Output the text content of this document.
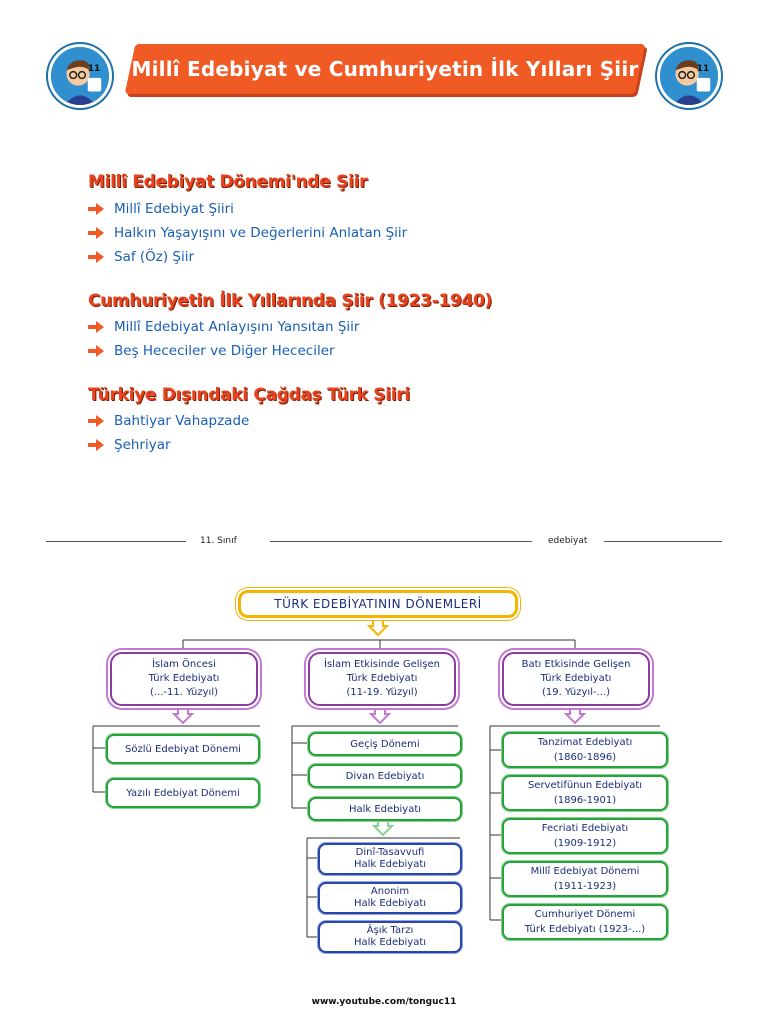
11 Millî Edebiyat ve Cumhuriyetin İlk Yılları Şiir	11
Millî Edebiyat Dönemi'nde Şiir
Millî Edebiyat Şiiri
Halkın Yaşayışını ve Değerlerini Anlatan Şiir
Saf (Öz) Şiir
Cumhuriyetin İlk Yıllarında Şiir (1923-1940)
Millî Edebiyat Anlayışını Yansıtan Şiir
Beş Hececiler ve Diğer Hececiler
Türkiye Dışındaki Çağdaş Türk Şiiri
Bahtiyar Vahapzade
Şehriyar
11. Sınıf	edebiyat
TÜRK EDEBİYATININ DÖNEMLERİ
İslam Öncesi
Türk Edebiyatı
(...-11. Yüzyıl)
İslam Etkisinde Gelişen
Türk Edebiyatı
(11-19. Yüzyıl)
Batı Etkisinde Gelişen
Türk Edebiyatı
(19. Yüzyıl-...)
Sözlü Edebiyat Dönemi
Yazılı Edebiyat Dönemi
Geçiş Dönemi
Divan Edebiyatı
Halk Edebiyatı
Dinî-Tasavvufi
Halk Edebiyatı
Anonim
Halk Edebiyatı
Âşık Tarzı
Halk Edebiyatı
Tanzimat Edebiyatı
(1860-1896)
Servetifünun Edebiyatı
(1896-1901)
Fecriati Edebiyatı
(1909-1912)
Millî Edebiyat Dönemi
(1911-1923)
Cumhuriyet Dönemi
Türk Edebiyatı (1923-...)
www.youtube.com/tonguc11
